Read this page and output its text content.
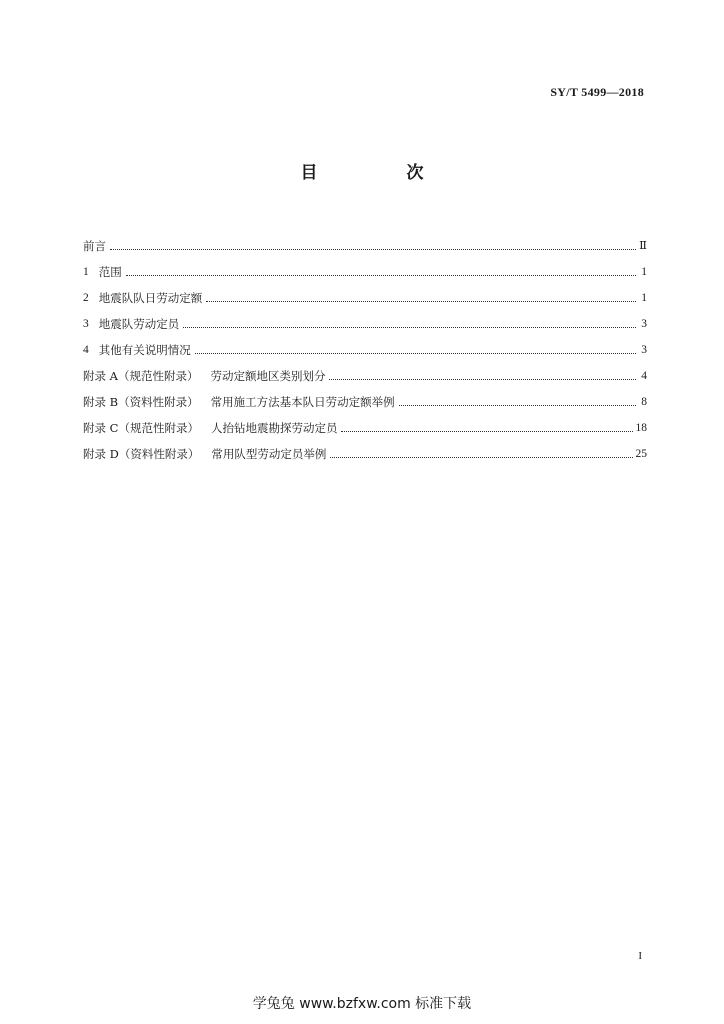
SY/T 5499—2018
目　次
前言	Ⅱ
1 范围	1
2 地震队队日劳动定额	1
3 地震队劳动定员	3
4 其他有关说明情况	3
附录 A （规范性附录） 劳动定额地区类别划分	4
附录 B （资料性附录） 常用施工方法基本队日劳动定额举例	8
附录 C （规范性附录） 人抬钻地震勘探劳动定员	18
附录 D （资料性附录） 常用队型劳动定员举例	25
I
学兔兔 www.bzfxw.com 标准下载
